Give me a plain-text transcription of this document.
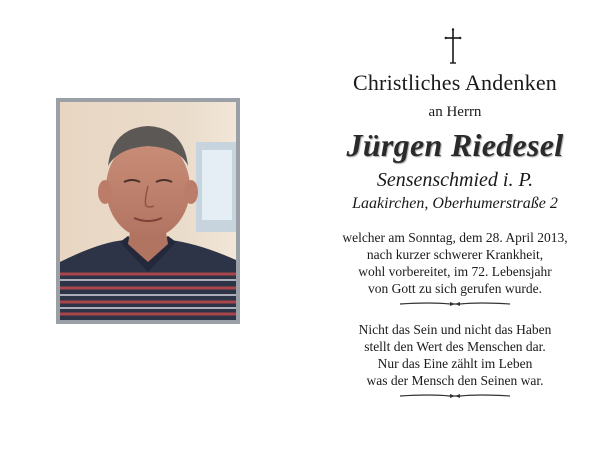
Christliches Andenken
an Herrn
Jürgen Riedesel
Sensenschmied i. P.
Laakirchen, Oberhumerstraße 2
welcher am Sonntag, dem 28. April 2013,
nach kurzer schwerer Krankheit,
wohl vorbereitet, im 72. Lebensjahr
von Gott zu sich gerufen wurde.
Nicht das Sein und nicht das Haben
stellt den Wert des Menschen dar.
Nur das Eine zählt im Leben
was der Mensch den Seinen war.
